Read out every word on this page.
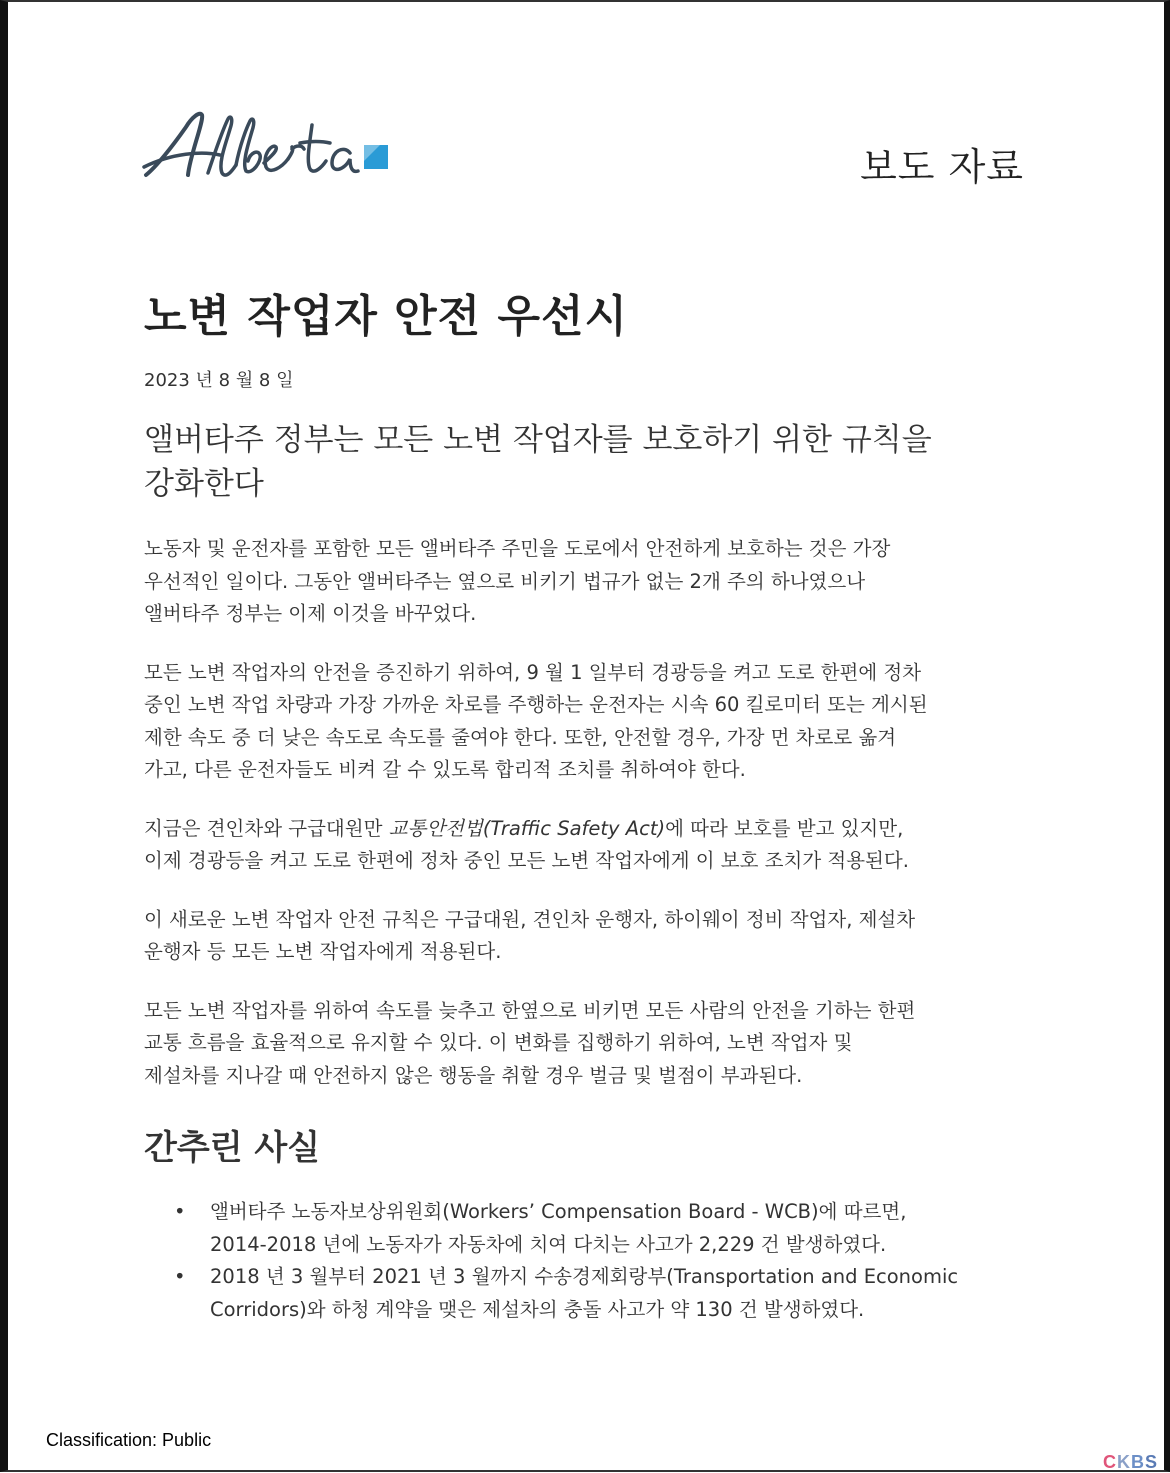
보도 자료
노변 작업자 안전 우선시
2023 년 8 월 8 일
앨버타주 정부는 모든 노변 작업자를 보호하기 위한 규칙을
강화한다

노동자 및 운전자를 포함한 모든 앨버타주 주민을 도로에서 안전하게 보호하는 것은 가장
우선적인 일이다. 그동안 앨버타주는 옆으로 비키기 법규가 없는 2개 주의 하나였으나
앨버타주 정부는 이제 이것을 바꾸었다.

모든 노변 작업자의 안전을 증진하기 위하여, 9 월 1 일부터 경광등을 켜고 도로 한편에 정차
중인 노변 작업 차량과 가장 가까운 차로를 주행하는 운전자는 시속 60 킬로미터 또는 게시된
제한 속도 중 더 낮은 속도로 속도를 줄여야 한다. 또한, 안전할 경우, 가장 먼 차로로 옮겨
가고, 다른 운전자들도 비켜 갈 수 있도록 합리적 조치를 취하여야 한다.

지금은 견인차와 구급대원만 교통안전법(Traffic Safety Act)에 따라 보호를 받고 있지만,
이제 경광등을 켜고 도로 한편에 정차 중인 모든 노변 작업자에게 이 보호 조치가 적용된다.

이 새로운 노변 작업자 안전 규칙은 구급대원, 견인차 운행자, 하이웨이 정비 작업자, 제설차
운행자 등 모든 노변 작업자에게 적용된다.

모든 노변 작업자를 위하여 속도를 늦추고 한옆으로 비키면 모든 사람의 안전을 기하는 한편
교통 흐름을 효율적으로 유지할 수 있다. 이 변화를 집행하기 위하여, 노변 작업자 및
제설차를 지나갈 때 안전하지 않은 행동을 취할 경우 벌금 및 벌점이 부과된다.

간추린 사실
• 앨버타주 노동자보상위원회(Workers’ Compensation Board - WCB)에 따르면,
2014-2018 년에 노동자가 자동차에 치여 다치는 사고가 2,229 건 발생하였다.
• 2018 년 3 월부터 2021 년 3 월까지 수송경제회랑부(Transportation and Economic
Corridors)와 하청 계약을 맺은 제설차의 충돌 사고가 약 130 건 발생하였다.
Classification: Public
CKBS
